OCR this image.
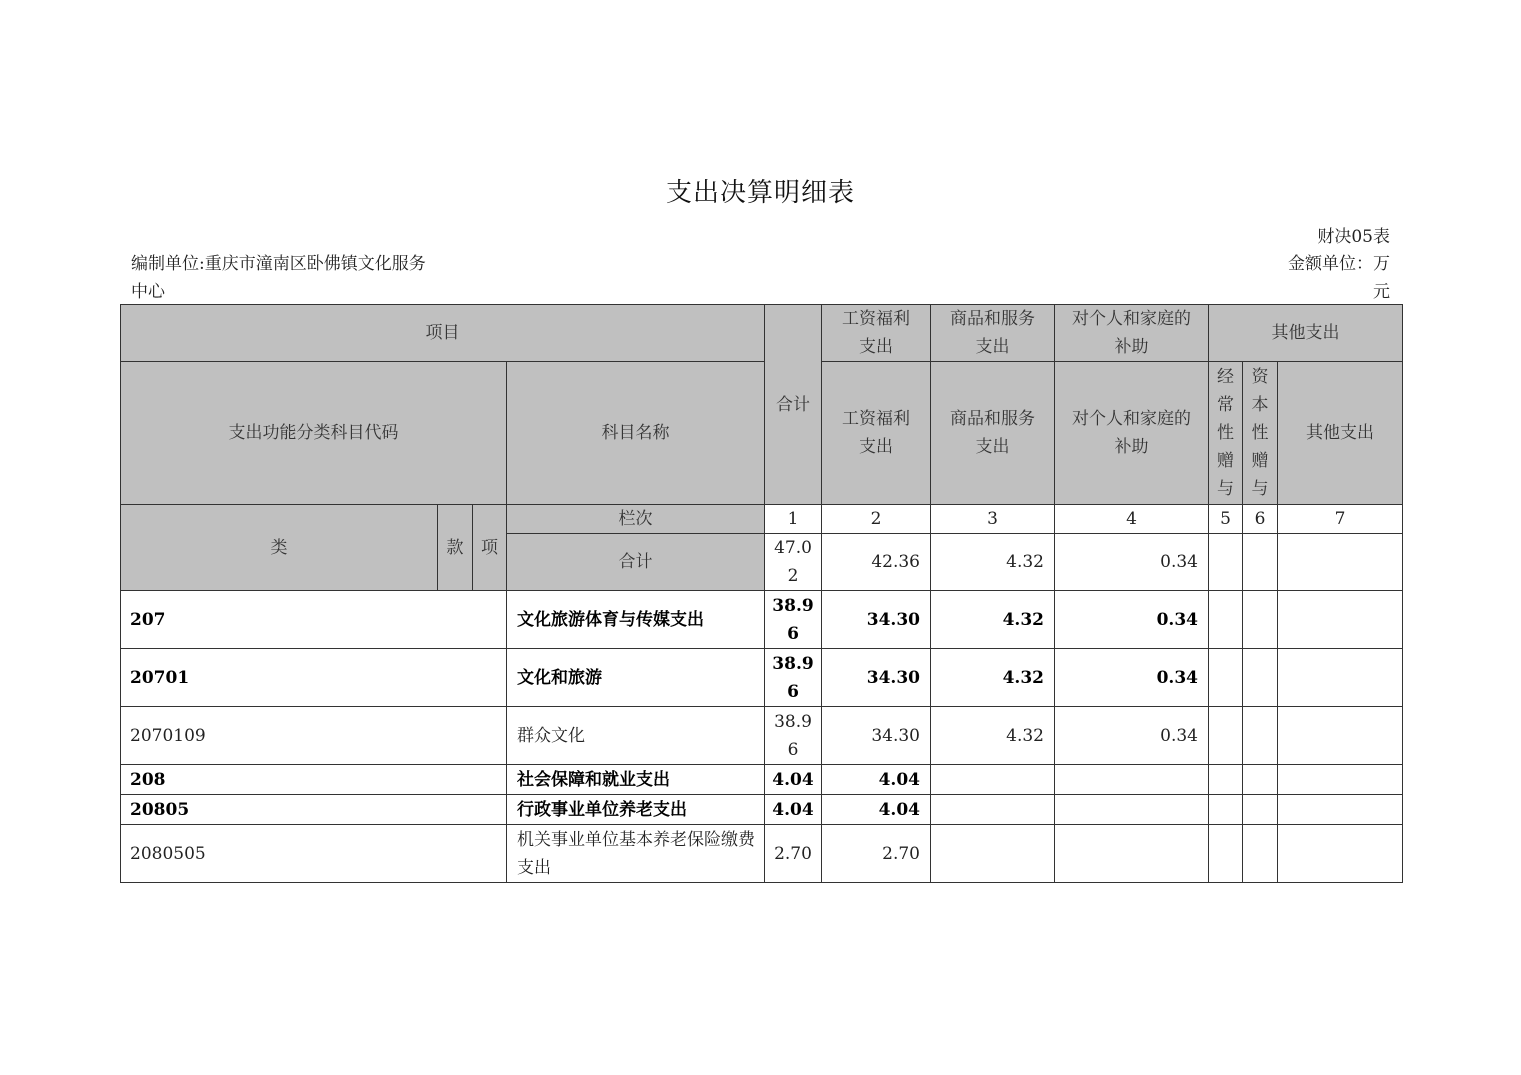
支出决算明细表
财决05表
编制单位:重庆市潼南区卧佛镇文化服务中心
金额单位：万元
项目				合计	工资福利支出	商品和服务支出	对个人和家庭的补助	其他支出		
支出功能分类科目代码			科目名称		工资福利支出	商品和服务支出	对个人和家庭的补助	经常性赠与	资本性赠与	其他支出
类	款	项	栏次	1	2	3	4	5	6	7
			合计	47.02	42.36	4.32	0.34			
207			文化旅游体育与传媒支出	38.96	34.30	4.32	0.34			
20701			文化和旅游	38.96	34.30	4.32	0.34			
2070109			群众文化	38.96	34.30	4.32	0.34			
208			社会保障和就业支出	4.04	4.04					
20805			行政事业单位养老支出	4.04	4.04					
2080505			机关事业单位基本养老保险缴费支出	2.70	2.70					
